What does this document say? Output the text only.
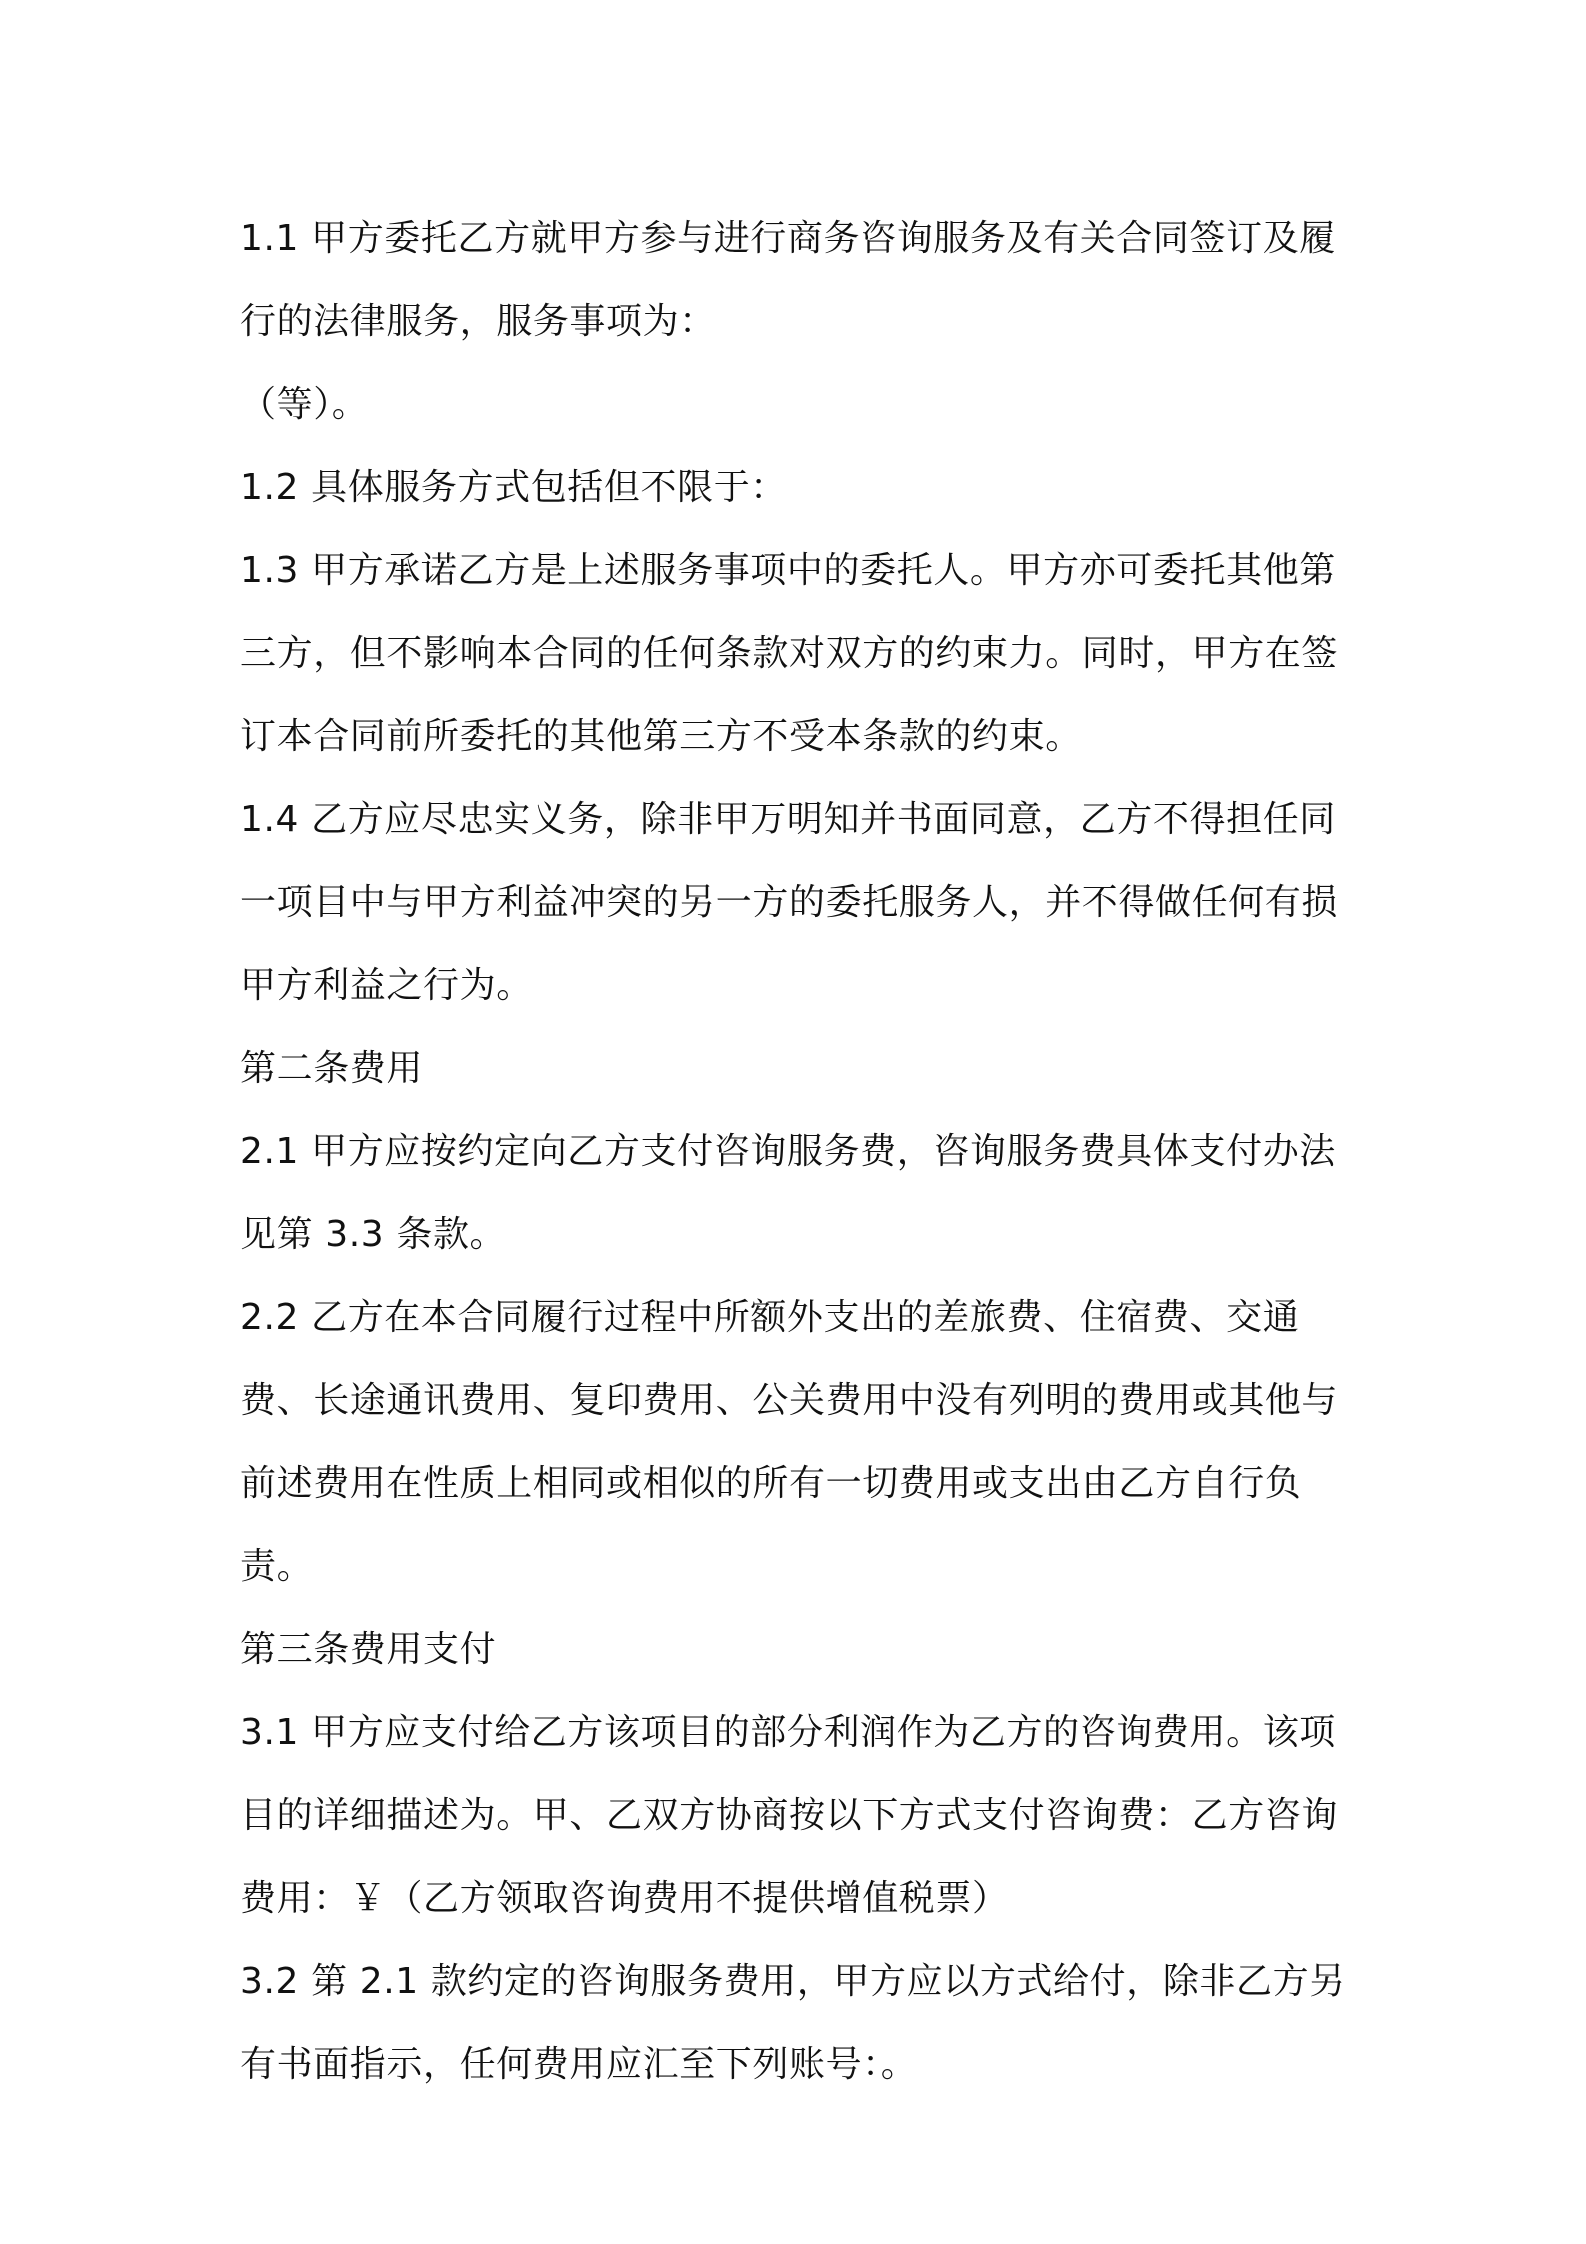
1.1 甲方委托乙方就甲方参与进行商务咨询服务及有关合同签订及履行的法律服务，服务事项为：

（等）。

1.2 具体服务方式包括但不限于：

1.3 甲方承诺乙方是上述服务事项中的委托人。甲方亦可委托其他第三方，但不影响本合同的任何条款对双方的约束力。同时，甲方在签订本合同前所委托的其他第三方不受本条款的约束。

1.4 乙方应尽忠实义务，除非甲万明知并书面同意，乙方不得担任同一项目中与甲方利益冲突的另一方的委托服务人，并不得做任何有损甲方利益之行为。

第二条费用

2.1 甲方应按约定向乙方支付咨询服务费，咨询服务费具体支付办法见第 3.3 条款。

2.2 乙方在本合同履行过程中所额外支出的差旅费、住宿费、交通费、长途通讯费用、复印费用、公关费用中没有列明的费用或其他与前述费用在性质上相同或相似的所有一切费用或支出由乙方自行负责。

第三条费用支付

3.1 甲方应支付给乙方该项目的部分利润作为乙方的咨询费用。该项目的详细描述为。甲、乙双方协商按以下方式支付咨询费：乙方咨询费用：￥（乙方领取咨询费用不提供增值税票）

3.2 第 2.1 款约定的咨询服务费用，甲方应以方式给付，除非乙方另有书面指示，任何费用应汇至下列账号：。
